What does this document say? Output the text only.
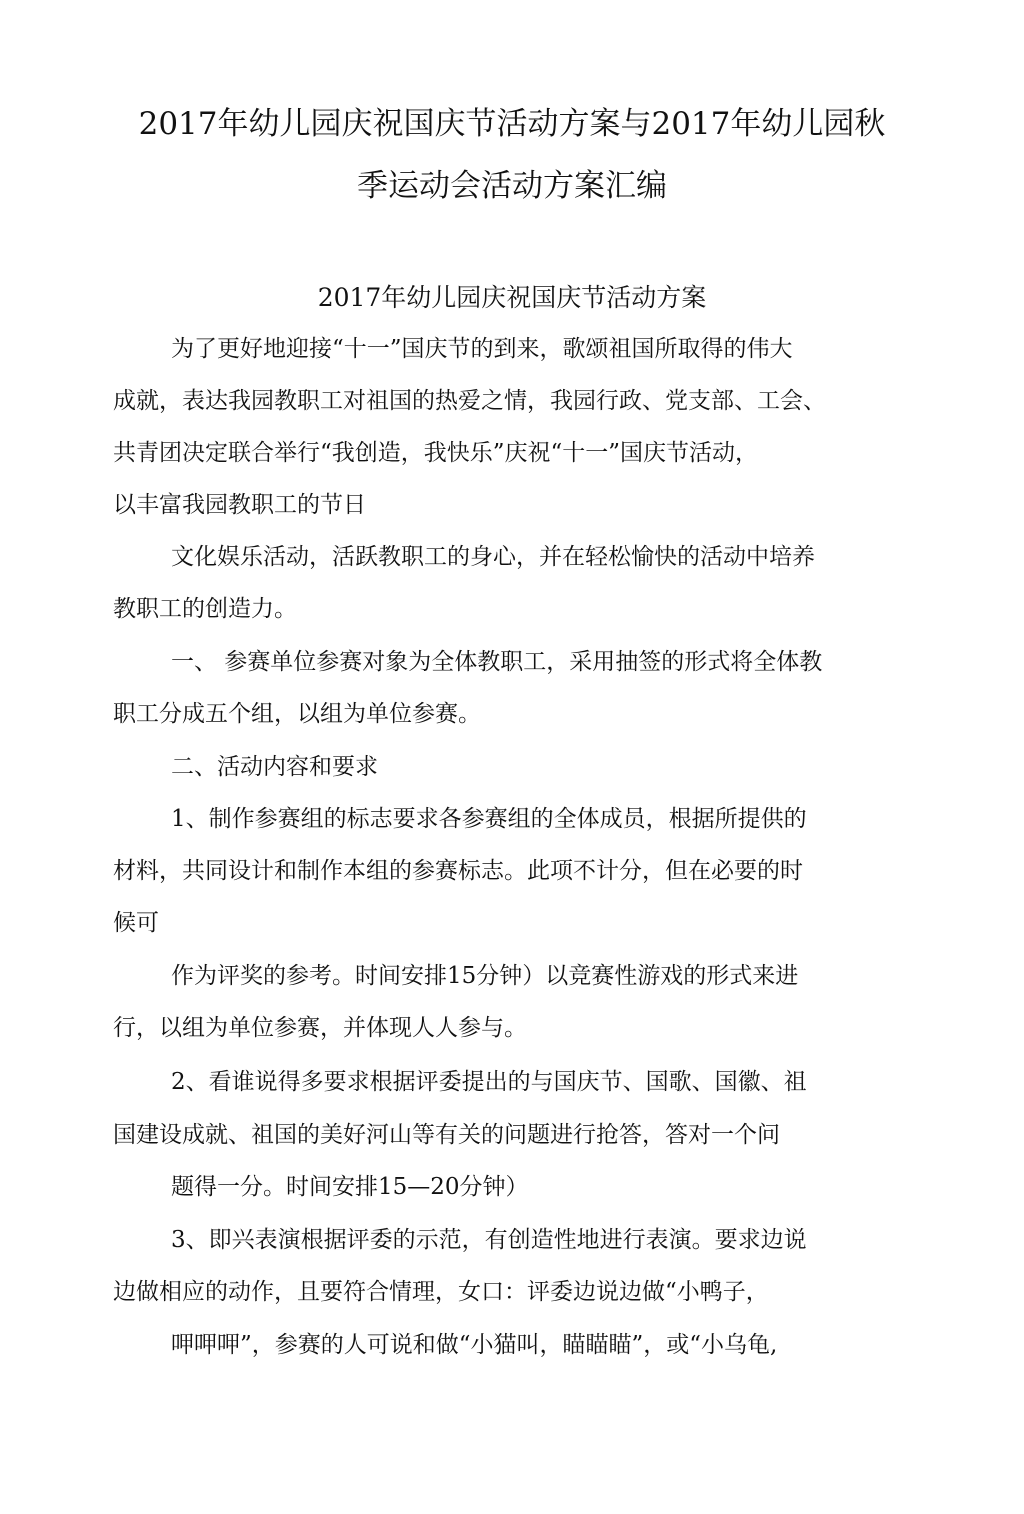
2017年幼儿园庆祝国庆节活动方案与2017年幼儿园秋
季运动会活动方案汇编
2017年幼儿园庆祝国庆节活动方案
为了更好地迎接“十一”国庆节的到来，歌颂祖国所取得的伟大
成就，表达我园教职工对祖国的热爱之情，我园行政、党支部、工会、
共青团决定联合举行“我创造，我快乐”庆祝“十一”国庆节活动，
以丰富我园教职工的节日
文化娱乐活动，活跃教职工的身心，并在轻松愉快的活动中培养
教职工的创造力。
一、 参赛单位参赛对象为全体教职工，采用抽签的形式将全体教
职工分成五个组，以组为单位参赛。
二、活动内容和要求
1、制作参赛组的标志要求各参赛组的全体成员，根据所提供的
材料，共同设计和制作本组的参赛标志。此项不计分，但在必要的时
候可
作为评奖的参考。时间安排15分钟）以竞赛性游戏的形式来进
行，以组为单位参赛，并体现人人参与。
2、看谁说得多要求根据评委提出的与国庆节、国歌、国徽、祖
国建设成就、祖国的美好河山等有关的问题进行抢答，答对一个问
题得一分。时间安排15—20分钟）
3、即兴表演根据评委的示范，有创造性地进行表演。要求边说
边做相应的动作，且要符合情理，女口：评委边说边做“小鸭子，
呷呷呷”，参赛的人可说和做“小猫叫，瞄瞄瞄”，或“小乌龟,
